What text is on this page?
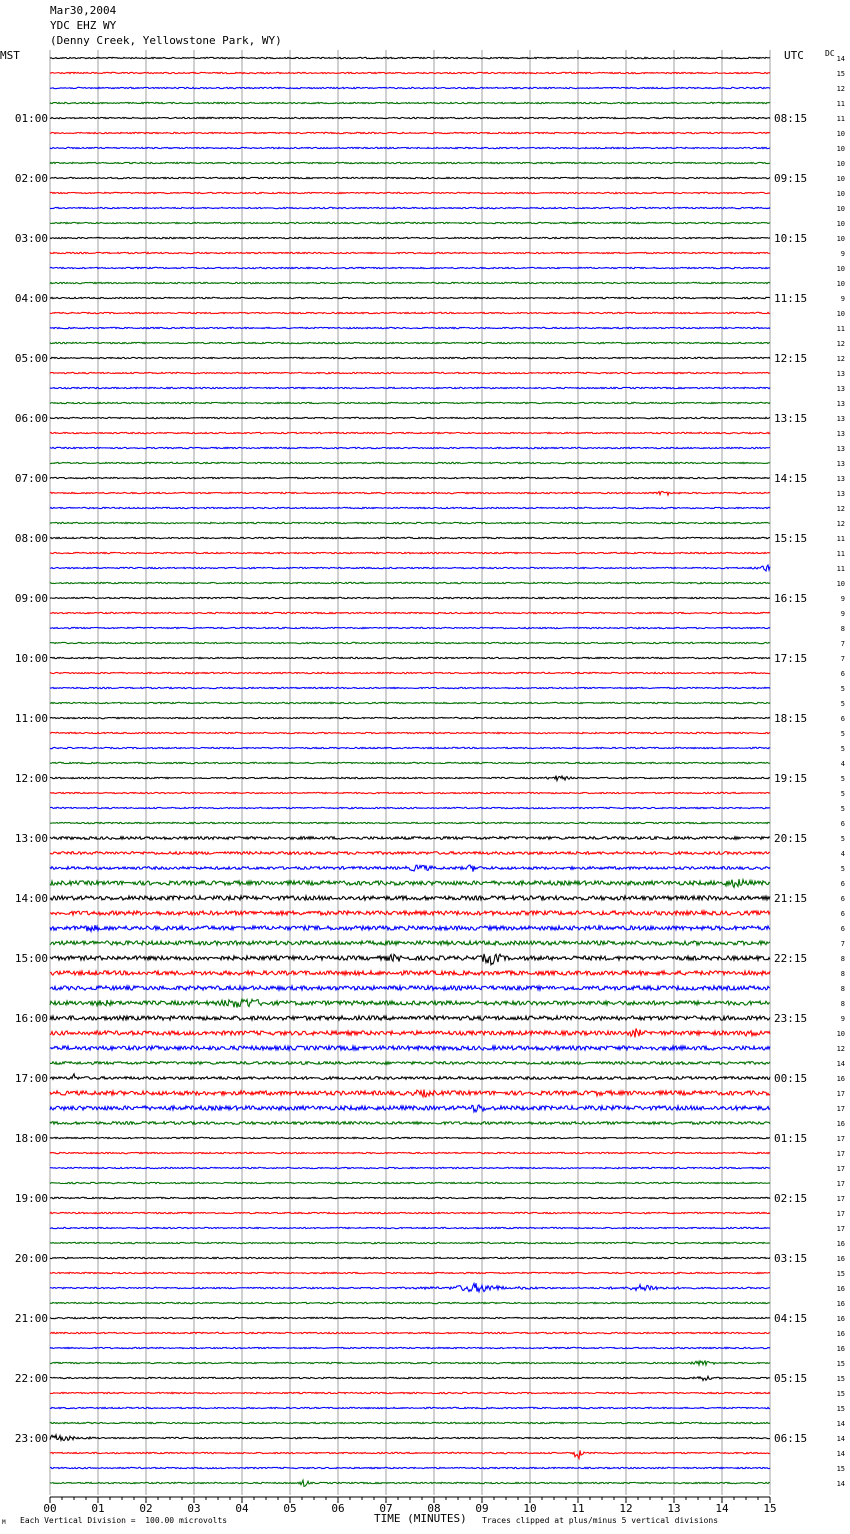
01:00
02:00
03:00
04:00
05:00
06:00
07:00
08:00
09:00
10:00
11:00
12:00
13:00
14:00
15:00
16:00
17:00
18:00
19:00
20:00
21:00
22:00
23:00
08:15
09:15
10:15
11:15
12:15
13:15
14:15
15:15
16:15
17:15
18:15
19:15
20:15
21:15
22:15
23:15
00:15
01:15
02:15
03:15
04:15
05:15
06:15
14
15
12
11
11
10
10
10
10
10
10
10
10
9
10
10
9
10
11
12
12
13
13
13
13
13
13
13
13
13
12
12
11
11
11
10
9
9
8
7
7
6
5
5
6
5
5
4
5
5
5
6
5
4
5
6
6
6
6
7
8
8
8
8
9
10
12
14
16
17
17
16
17
17
17
17
17
17
17
16
16
15
16
16
16
16
16
15
15
15
15
14
14
14
15
14
00	01	02	03	04	05	06	07	08	09	10	11	12	13	14	15
Mar30,2004
YDC EHZ WY
(Denny Creek, Yellowstone Park, WY)
MST	UTC	DC
M Each Vertical Division =  100.00 microvolts	TIME (MINUTES) Traces clipped at plus/minus 5 vertical divisions
